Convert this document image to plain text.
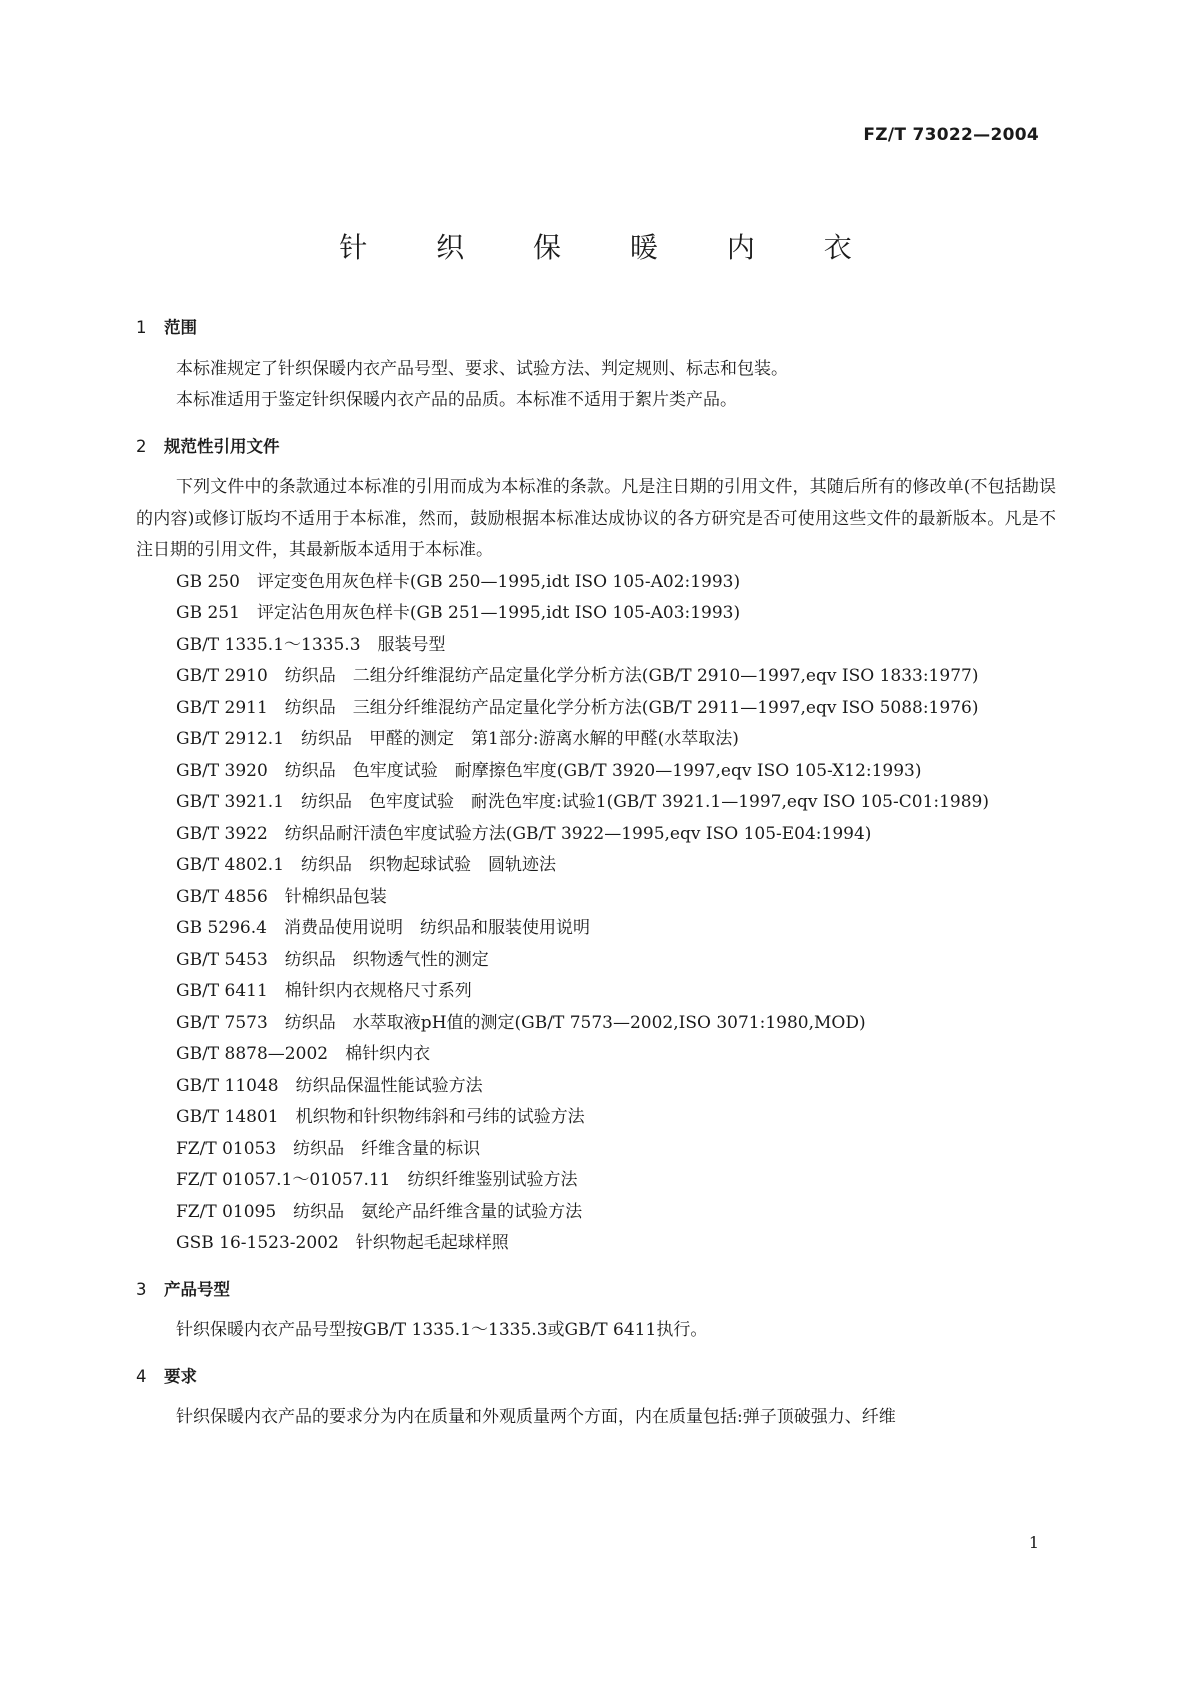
FZ/T 73022—2004
针 织 保 暖 内 衣
1 范围

本标准规定了针织保暖内衣产品号型、要求、试验方法、判定规则、标志和包装。

本标准适用于鉴定针织保暖内衣产品的品质。本标准不适用于絮片类产品。

2 规范性引用文件

下列文件中的条款通过本标准的引用而成为本标准的条款。凡是注日期的引用文件，其随后所有的修改单(不包括勘误的内容)或修订版均不适用于本标准，然而，鼓励根据本标准达成协议的各方研究是否可使用这些文件的最新版本。凡是不注日期的引用文件，其最新版本适用于本标准。

GB 250　评定变色用灰色样卡(GB 250—1995,idt ISO 105-A02:1993)

GB 251　评定沾色用灰色样卡(GB 251—1995,idt ISO 105-A03:1993)

GB/T 1335.1～1335.3　服装号型

GB/T 2910　纺织品　二组分纤维混纺产品定量化学分析方法(GB/T 2910—1997,eqv ISO 1833:1977)

GB/T 2911　纺织品　三组分纤维混纺产品定量化学分析方法(GB/T 2911—1997,eqv ISO 5088:1976)

GB/T 2912.1　纺织品　甲醛的测定　第1部分:游离水解的甲醛(水萃取法)

GB/T 3920　纺织品　色牢度试验　耐摩擦色牢度(GB/T 3920—1997,eqv ISO 105-X12:1993)

GB/T 3921.1　纺织品　色牢度试验　耐洗色牢度:试验1(GB/T 3921.1—1997,eqv ISO 105-C01:1989)

GB/T 3922　纺织品耐汗渍色牢度试验方法(GB/T 3922—1995,eqv ISO 105-E04:1994)

GB/T 4802.1　纺织品　织物起球试验　圆轨迹法

GB/T 4856　针棉织品包装

GB 5296.4　消费品使用说明　纺织品和服装使用说明

GB/T 5453　纺织品　织物透气性的测定

GB/T 6411　棉针织内衣规格尺寸系列

GB/T 7573　纺织品　水萃取液pH值的测定(GB/T 7573—2002,ISO 3071:1980,MOD)

GB/T 8878—2002　棉针织内衣

GB/T 11048　纺织品保温性能试验方法

GB/T 14801　机织物和针织物纬斜和弓纬的试验方法

FZ/T 01053　纺织品　纤维含量的标识

FZ/T 01057.1～01057.11　纺织纤维鉴别试验方法

FZ/T 01095　纺织品　氨纶产品纤维含量的试验方法

GSB 16-1523-2002　针织物起毛起球样照

3 产品号型

针织保暖内衣产品号型按GB/T 1335.1～1335.3或GB/T 6411执行。

4 要求

针织保暖内衣产品的要求分为内在质量和外观质量两个方面，内在质量包括:弹子顶破强力、纤维

1
